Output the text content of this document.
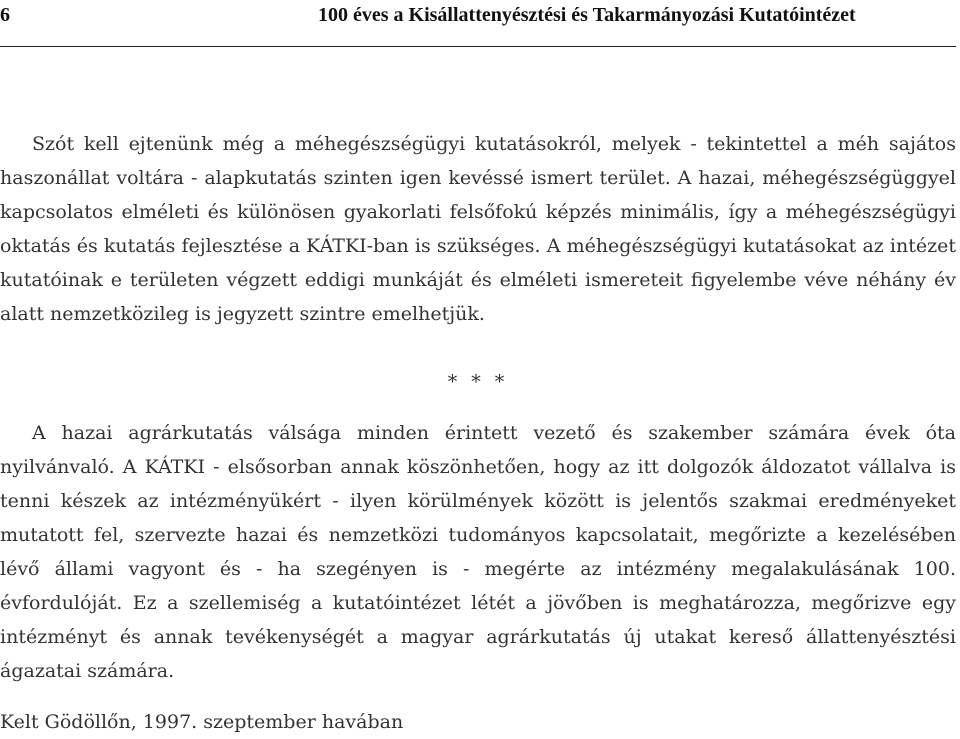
6	100 éves a Kisállattenyésztési és Takarmányozási Kutatóintézet

Szót kell ejtenünk még a méhegészségügyi kutatásokról, melyek - tekintettel a méh sajátos haszonállat voltára - alapkutatás szinten igen kevéssé ismert terület. A hazai, méhegészségüggyel kapcsolatos elméleti és különösen gyakorlati felsőfokú képzés minimális, így a méhegészségügyi oktatás és kutatás fejlesztése a KÁTKI-ban is szükséges. A méhegészségügyi kutatásokat az intézet kutatóinak e területen végzett eddigi munkáját és elméleti ismereteit figyelembe véve néhány év alatt nemzetközileg is jegyzett szintre emelhetjük.

* * *

A hazai agrárkutatás válsága minden érintett vezető és szakember számára évek óta nyilvánvaló. A KÁTKI - elsősorban annak köszönhetően, hogy az itt dolgozók áldozatot vállalva is tenni készek az intézményükért - ilyen körülmények között is jelentős szakmai eredményeket mutatott fel, szervezte hazai és nemzetközi tudományos kapcsolatait, megőrizte a kezelésében lévő állami vagyont és - ha szegényen is - megérte az intézmény megalakulásának 100. évfordulóját. Ez a szellemiség a kutatóintézet létét a jövőben is meghatározza, megőrizve egy intézményt és annak tevékenységét a magyar agrárkutatás új utakat kereső állattenyésztési ágazatai számára.

Kelt Gödöllőn, 1997. szeptember havában
